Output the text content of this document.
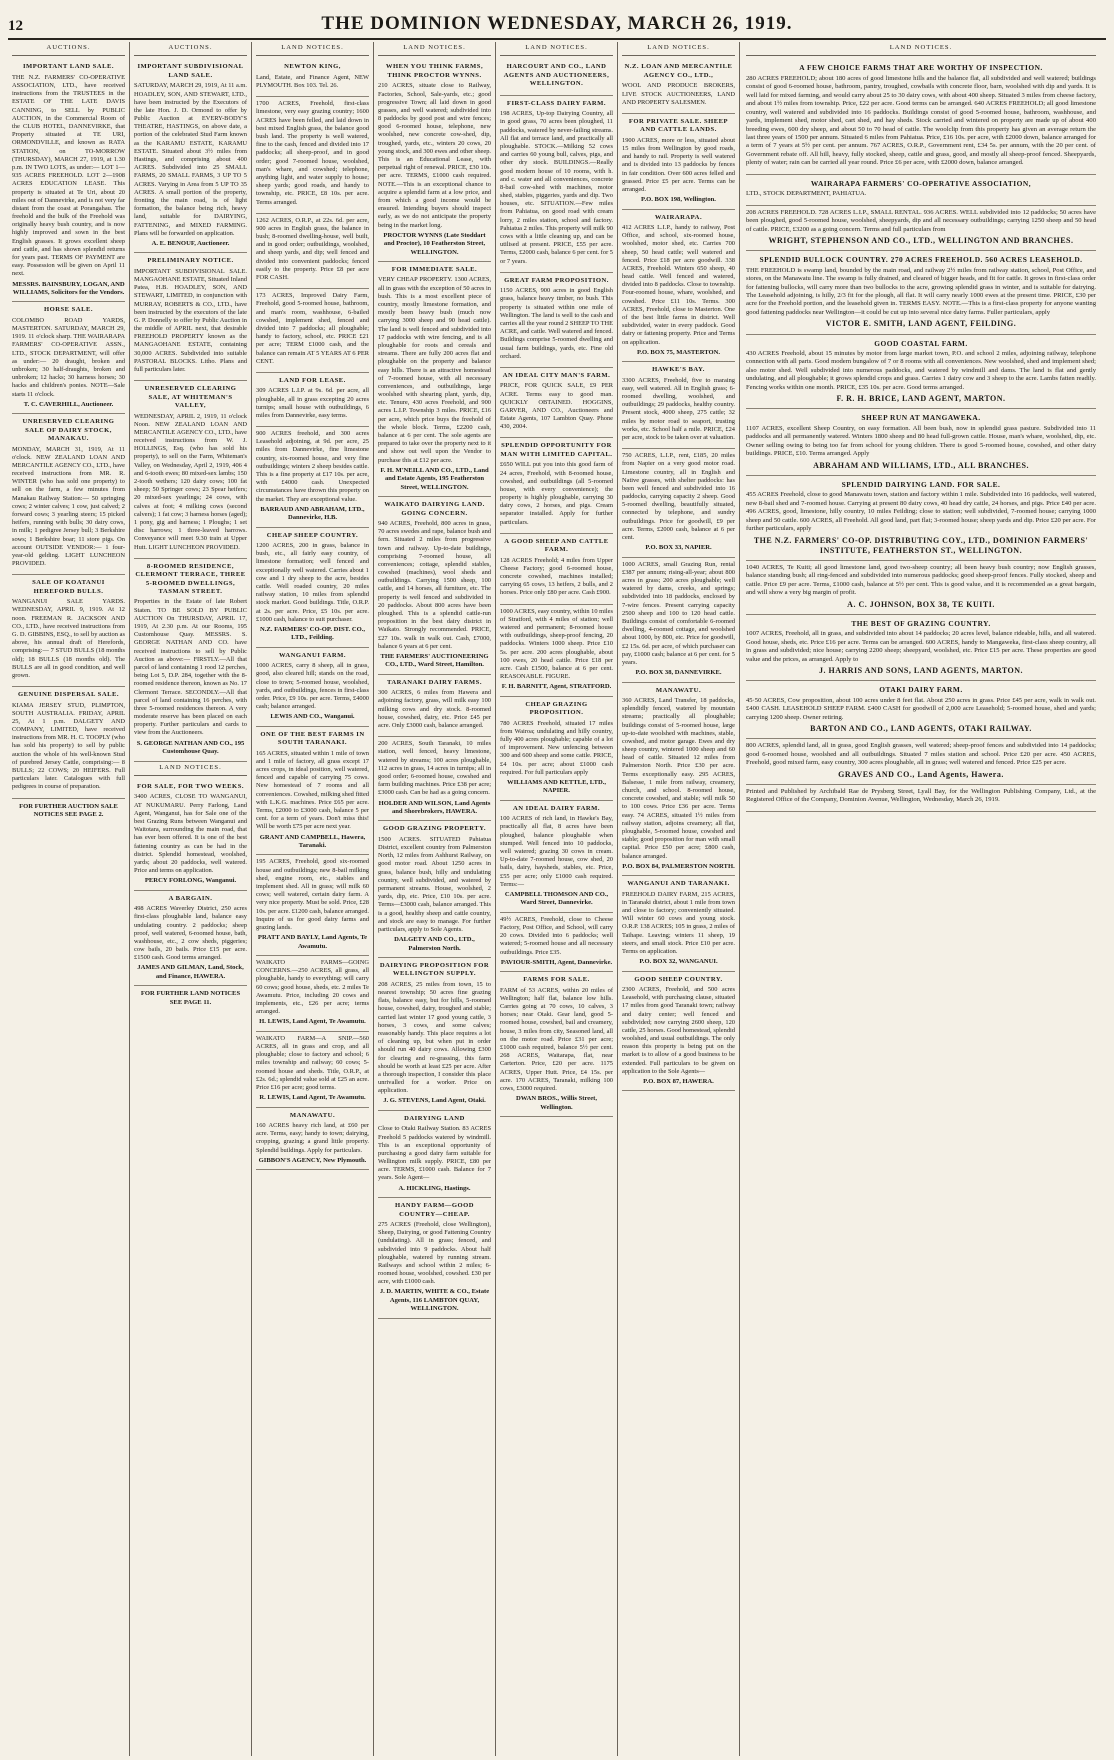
12	THE DOMINION WEDNESDAY, MARCH 26, 1919.
AUCTIONS.
IMPORTANT LAND SALE.

THE N.Z. FARMERS' CO-OPERATIVE ASSOCIATION, LTD., have received instructions from the TRUSTEES in the ESTATE OF THE LATE DAVIS CANNING, to SELL by PUBLIC AUCTION, in the Commercial Room of the CLUB HOTEL, DANNEVIRKE, that Property situated at TE URI, ORMONDVILLE, and known as RATA STATION, on TO-MORROW (THURSDAY), MARCH 27, 1919, at 1.30 p.m. IN TWO LOTS, as under:— LOT 1—935 ACRES FREEHOLD. LOT 2—1908 ACRES EDUCATION LEASE. This property is situated at Te Uri, about 20 miles out of Dannevirke, and is not very far distant from the coast at Porangahau. The freehold and the bulk of the Freehold was originally heavy bush country, and is now highly improved and sown in the best English grasses. It grows excellent sheep and cattle, and has shown splendid returns for years past. TERMS OF PAYMENT are easy. Possession will be given on April 11 next.

MESSRS. BAINSBURY, LOGAN, AND WILLIAMS, Solicitors for the Vendors.
HORSE SALE.

COLOMBO ROAD YARDS, MASTERTON. SATURDAY, MARCH 29, 1919. 11 o'clock sharp. THE WAIRARAPA FARMERS' CO-OPERATIVE ASSN., LTD., STOCK DEPARTMENT, will offer as under:— 20 draught, broken and unbroken; 30 half-draughts, broken and unbroken; 12 hacks; 30 harness horses; 30 hacks and children's ponies. NOTE—Sale starts 11 o'clock.

T. C. CAVERHILL, Auctioneer.
UNRESERVED CLEARING SALE OF DAIRY STOCK, MANAKAU.

MONDAY, MARCH 31, 1919, At 11 o'clock. NEW ZEALAND LOAN AND MERCANTILE AGENCY CO., LTD., have received instructions from MR. R. WINTER (who has sold one property) to sell on the farm, a few minutes from Manakau Railway Station:— 50 springing cows; 2 winter calves; 1 cow, just calved; 2 forward cows; 3 yearling steers; 15 picked heifers, running with bulls; 30 dairy cows, in milk; 1 pedigree Jersey bull; 3 Berkshire sows; 1 Berkshire boar; 11 store pigs. On account OUTSIDE VENDOR:— 1 four-year-old gelding. LIGHT LUNCHEON PROVIDED.

SALE OF KOATANUI HEREFORD BULLS.

WANGANUI SALE YARDS. WEDNESDAY, APRIL 9, 1919. At 12 noon. FREEMAN R. JACKSON AND CO., LTD., have received instructions from G. D. GIBBINS, ESQ., to sell by auction as above, his annual draft of Herefords, comprising:— 7 STUD BULLS (18 months old); 18 BULLS (18 months old). The BULLS are all in good condition, and well grown.

GENUINE DISPERSAL SALE.

KIAMA JERSEY STUD, PLIMPTON, SOUTH AUSTRALIA. FRIDAY, APRIL 25, At 1 p.m. DALGETY AND COMPANY, LIMITED, have received instructions from MR. H. C. TOOPLY (who has sold his property) to sell by public auction the whole of his well-known Stud of purebred Jersey Cattle, comprising:— 8 BULLS; 22 COWS; 20 HEIFERS. Full particulars later. Catalogues with full pedigrees in course of preparation.

FOR FURTHER AUCTION SALE NOTICES SEE PAGE 2.
AUCTIONS.
IMPORTANT SUBDIVISIONAL LAND SALE.

SATURDAY, MARCH 29, 1919, At 11 a.m. HOADLEY, SON, AND STEWART, LTD., have been instructed by the Executors of the late Hon. J. D. Ormond to offer by Public Auction at EVERY-BODY'S THEATRE, HASTINGS, on above date, a portion of the celebrated Stud Farm known as the KARAMU ESTATE, KARAMU ESTATE. Situated about 3½ miles from Hastings, and comprising about 400 ACRES. Subdivided into 25 SMALL FARMS, 20 SMALL FARMS, 3 UP TO 5 ACRES. Varying in Area from 5 UP TO 35 ACRES. A small portion of the property, fronting the main road, is of light formation, the balance being rich, heavy land, suitable for DAIRYING, FATTENING, and MIXED FARMING. Plans will be forwarded on application.

A. E. BENOUF, Auctioneer.
PRELIMINARY NOTICE.

IMPORTANT SUBDIVISIONAL SALE. MANGAOHANE ESTATE, Situated Inland Patea, H.B. HOADLEY, SON, AND STEWART, LIMITED, in conjunction with MURRAY, ROBERTS & CO., LTD., have been instructed by the executors of the late G. P. Donnelly to offer by Public Auction in the middle of APRIL next, that desirable FREEHOLD PROPERTY known as the MANGAOHANE ESTATE, containing 30,000 ACRES. Subdivided into suitable PASTORAL BLOCKS. Litho. Plans and full particulars later.

UNRESERVED CLEARING SALE, AT WHITEMAN'S VALLEY,

WEDNESDAY, APRIL 2, 1919, 11 o'clock Noon. NEW ZEALAND LOAN AND MERCANTILE AGENCY CO., LTD., have received instructions from W. J. HOLLINGS, Esq. (who has sold his property), to sell on the Farm, Whiteman's Valley, on Wednesday, April 2, 1919, 406 4 and 6-tooth ewes; 80 mixed-sex lambs; 150 2-tooth wethers; 120 dairy cows; 100 fat sheep; 50 Springer cows; 23 Spear heifers; 20 mixed-sex yearlings; 24 cows, with calves at foot; 4 milking cows (second calvers); 1 fat cow; 3 harness horses (aged); 1 pony, gig and harness; 1 Ploughs; 1 set disc harrows; 1 three-leaved harrows. Conveyance will meet 9.30 train at Upper Hutt. LIGHT LUNCHEON PROVIDED.

8-ROOMED RESIDENCE, CLERMONT TERRACE, THREE 5-ROOMED DWELLINGS, TASMAN STREET.

Properties in the Estate of late Robert Staten. TO BE SOLD BY PUBLIC AUCTION On THURSDAY, APRIL 17, 1919, At 2.30 p.m. At our Rooms, 195 Customhouse Quay. MESSRS. S. GEORGE NATHAN AND CO. have received instructions to sell by Public Auction as above:— FIRSTLY.—All that parcel of land containing 1 rood 12 perches, being Lot 5, D.P. 284, together with the 8-roomed residence thereon, known as No. 17 Clermont Terrace. SECONDLY.—All that parcel of land containing 16 perches, with three 5-roomed residences thereon. A very moderate reserve has been placed on each property. Further particulars and cards to view from the Auctioneers.

S. GEORGE NATHAN AND CO., 195 Customhouse Quay.
LAND NOTICES.
FOR SALE, FOR TWO WEEKS.

3400 ACRES, CLOSE TO WANGANUI, AT NUKUMARU. Perry Farlong, Land Agent, Wanganui, has for Sale one of the best Grazing Runs between Wanganui and Waitotara, surrounding the main road, that has ever been offered. It is one of the best fattening country as can be had in the district. Splendid homestead, woolshed, yards; about 20 paddocks, well watered. Price and terms on application.

PERCY FORLONG, Wanganui.
A BARGAIN.

498 ACRES Waverley District, 250 acres first-class ploughable land, balance easy undulating country. 2 paddocks; sheep proof, well watered, 6-roomed house, bath, washhouse, etc., 2 cow sheds, piggeries; cow bails, 20 bails. Price £15 per acre. £1500 cash. Good terms arranged.

JAMES AND GILMAN, Land, Stock, and Finance, HAWERA.
FOR FURTHER LAND NOTICES SEE PAGE 11.
LAND NOTICES.
NEWTON KING,

Land, Estate, and Finance Agent, NEW PLYMOUTH. Box 103. Tel. 26.

1700 ACRES, Freehold, first-class limestone, very easy grazing country; 1600 ACRES have been felled, and laid down in best mixed English grass, the balance good bush land. The property is well watered, fine to the cash, fenced and divided into 17 paddocks; all sheep-proof, and in good order; good 7-roomed house, woolshed, man's whare, and cowshed; telephone, anything light, and water supply to house; sheep yards; good roads, and handy to township, etc. PRICE, £8 10s. per acre. Terms arranged.

1262 ACRES, O.R.P., at 22s. 6d. per acre, 900 acres in English grass, the balance in bush; 8-roomed dwelling-house, well built, and in good order; outbuildings, woolshed, and sheep yards, and dip; well fenced and divided into convenient paddocks; fenced easily to the property. Price £8 per acre FOR CASH.

173 ACRES, Improved Dairy Farm, Freehold, good 5-roomed house, bathroom, and man's room, washhouse, 6-bailed cowshed, implement shed, fenced and divided into 7 paddocks; all ploughable; handy to factory, school, etc. PRICE £21 per acre; TERM £1000 cash, and the balance can remain AT 5 YEARS AT 6 PER CENT.

LAND FOR LEASE.

309 ACRES L.I.P. at 9s. 6d. per acre, all ploughable, all in grass excepting 20 acres turnips; small house with outbuildings, 6 miles from Dannevirke, easy terms.

900 ACRES freehold, and 300 acres Leasehold adjoining, at 9d. per acre, 25 miles from Dannevirke, fine limestone country, six-roomed house, and very fine outbuildings; winters 2 sheep besides cattle. This is a fine property at £17 10s. per acre, with £4000 cash. Unexpected circumstances have thrown this property on the market. They are exceptional value.

BARRAUD AND ABRAHAM, LTD., Dannevirke, H.B.
CHEAP SHEEP COUNTRY.

1200 ACRES, 200 in grass, balance in bush, etc., all fairly easy country, of limestone formation; well fenced and exceptionally well watered. Carries about 1 cow and 1 dry sheep to the acre, besides cattle. Well roaded country, 20 miles railway station, 10 miles from splendid stock market. Good buildings. Title, O.R.P. at 2s. per acre. Price, £5 10s. per acre. £1000 cash, balance to suit purchaser.

N.Z. FARMERS' CO-OP. DIST. CO., LTD., Feilding.
WANGANUI FARM.

1000 ACRES, carry 8 sheep, all in grass, good, also cleared hill; stands on the road, close to town; 5-roomed house, woolshed, yards, and outbuildings, fences in first-class order. Price, £9 10s. per acre. Terms, £4000 cash; balance arranged.

LEWIS AND CO., Wanganui.
ONE OF THE BEST FARMS IN SOUTH TARANAKI.

165 ACRES, situated within 1 mile of town and 1 mile of factory, all grass except 17 acres crops, in ideal position, well watered, fenced and capable of carrying 75 cows. New homestead of 7 rooms and all conveniences. Cowshed, milking shed fitted with L.K.G. machines. Price £65 per acre. Terms, £2000 to £3000 cash, balance 5 per cent. for a term of years. Don't miss this! Will be worth £75 per acre next year.

GRANT AND CAMPBELL, Hawera, Taranaki.

195 ACRES, Freehold, good six-roomed house and outbuildings; new 8-bail milking shed, engine room, etc., stables and implement shed. All in grass; will milk 60 cows; well watered, certain dairy farm. A very nice property. Must be sold. Price, £28 10s. per acre. £1200 cash, balance arranged. Inquire of us for good dairy farms and grazing lands.

PRATT AND BAYLY, Land Agents, Te Awamutu.

WAIKATO FARMS—GOING CONCERNS.—250 ACRES, all grass, all ploughable, handy to everything; will carry 60 cows; good house, sheds, etc. 2 miles Te Awamutu. Price, including 20 cows and implements, etc., £26 per acre; terms arranged.

H. LEWIS, Land Agent, Te Awamutu.

WAIKATO FARM—A SNIP.—560 ACRES, all in grass and crop, and all ploughable; close to factory and school; 6 miles township and railway; 60 cows; 5-roomed house and sheds. Title, O.R.P., at £2s. 6d.; splendid value sold at £25 an acre. Price £16 per acre; good terms.

R. LEWIS, Land Agent, Te Awamutu.
MANAWATU.

160 ACRES heavy rich land, at £60 per acre. Terms, easy; handy to town; dairying, cropping, grazing; a grand little property. Splendid buildings. Apply for particulars.

GIBBON'S AGENCY, New Plymouth.
LAND NOTICES.
WHEN YOU THINK FARMS, THINK PROCTOR WYNNS.

210 ACRES, situate close to Railway, Factories, School, Sale-yards, etc.; good progressive Town; all laid down in good grasses, and well watered; subdivided into 8 paddocks by good post and wire fences; good 6-roomed house, telephone, new woolshed, new concrete cow-shed, dip, troughed, yards, etc., winters 20 cows, 20 young stock, and 300 ewes and other sheep. This is an Educational Lease, with perpetual right of renewal. PRICE, £30 10s. per acre. TERMS, £1000 cash required. NOTE.—This is an exceptional chance to acquire a splendid farm at a low price, and from which a good income would be ensured. Intending buyers should inspect early, as we do not anticipate the property being in the market long.

PROCTOR WYNNS (Late Stoddart and Proctor), 10 Featherston Street, WELLINGTON.
FOR IMMEDIATE SALE.

VERY CHEAP PROPERTY. 1300 ACRES, all in grass with the exception of 50 acres in bush. This is a most excellent piece of country, mostly limestone formation, and mostly been heavy bush (much now carrying 3000 sheep and 90 head cattle). The land is well fenced and subdivided into 17 paddocks with wire fencing, and is all ploughable for roots and cereals and streams. There are fully 200 acres flat and ploughable on the property and balance easy hills. There is an attractive homestead of 7-roomed house, with all necessary conveniences, and outbuildings, large woolshed with shearing plant, yards, dip, etc. Tenure, 430 acres Freehold, and 900 acres L.I.P. Township 3 miles. PRICE, £16 per acre, which price buys the freehold of the whole block. Terms, £2200 cash, balance at 6 per cent. The sole agents are prepared to take over the property next to it and show out well upon the Vendor to purchase this at £12 per acre.

F. H. M'NEILL AND CO., LTD., Land and Estate Agents, 195 Featherston Street, WELLINGTON.
WAIKATO DAIRYING LAND. GOING CONCERN.

940 ACRES, Freehold, 800 acres in grass, 70 acres swedes and rape, balance bush and fern. Situated 2 miles from progressive town and railway. Up-to-date buildings, comprising 7-roomed house, all conveniences; cottage, splendid stables, cowshed (machines), wool sheds and outbuildings. Carrying 1500 sheep, 100 cattle, and 14 horses, all furniture, etc. The property is well fenced and subdivided in 20 paddocks. About 800 acres have been ploughed. This is a splendid cattle-run proposition in the best dairy district in Waikato. Strongly recommended. PRICE, £27 10s. walk in walk out. Cash, £7000, balance 6 years at 6 per cent.

THE FARMERS' AUCTIONEERING CO., LTD., Ward Street, Hamilton.
TARANAKI DAIRY FARMS.

300 ACRES, 6 miles from Hawera and adjoining factory, grass, will milk easy 100 milking cows and dry stock. 8-roomed house, cowshed, dairy, etc. Price £45 per acre. Only £3000 cash, balance arranged.

200 ACRES, South Taranaki, 10 miles station, well fenced, heavy limestone, watered by streams; 100 acres ploughable, 112 acres in grass, 14 acres in turnips; all in good order; 6-roomed house, cowshed and farm building machines. Price £38 per acre; £3000 cash. Can be had as a going concern.

HOLDER AND WILSON, Land Agents and Shorebrokers, HAWERA.
GOOD GRAZING PROPERTY.

1500 ACRES. SITUATED Pahiatua District, excellent country from Palmerston North, 12 miles from Ashhurst Railway, on good motor road. About 1250 acres in grass, balance bush, hilly and undulating country, well subdivided, and watered by permanent streams. House, woolshed, 2 yards, dip, etc. Price, £10 10s. per acre. Terms—£3000 cash, balance arranged. This is a good, healthy sheep and cattle country, and stock are easy to manage. For further particulars, apply to Sole Agents.

DALGETY AND CO., LTD., Palmerston North.
DAIRYING PROPOSITION FOR WELLINGTON SUPPLY.

208 ACRES, 25 miles from town, 15 to nearest township; 50 acres fine grazing flats, balance easy, but for hills, 5-roomed house, cowshed, dairy, troughed and stable; carried last winter 17 good young cattle, 3 horses, 3 cows, and some calves; reasonably handy. This place requires a lot of cleaning up, but when put in order should run 40 dairy cows. Allowing £300 for clearing and re-grassing, this farm should be worth at least £25 per acre. After a thorough inspection, I consider this place unrivalled for a worker. Price on application.

J. G. STEVENS, Land Agent, Otaki.
DAIRYING LAND

Close to Otaki Railway Station. 83 ACRES Freehold 5 paddocks watered by windmill. This is an exceptional opportunity of purchasing a good dairy farm suitable for Wellington milk supply. PRICE, £80 per acre. TERMS, £1000 cash. Balance for 7 years. Sole Agent—

A. HICKLING, Hastings.
HANDY FARM—GOOD COUNTRY—CHEAP.

275 ACRES (Freehold, close Wellington), Sheep, Dairying, or good Fattening Country (undulating). All in grass; fenced, and subdivided into 9 paddocks. About half ploughable, watered by running stream. Railways and school within 2 miles; 6-roomed house, woolshed, cowshed. £30 per acre, with £1000 cash.

J. D. MARTIN, WHITE & CO., Estate Agents, 116 LAMBTON QUAY, WELLINGTON.
LAND NOTICES.
HARCOURT AND CO., LAND AGENTS AND AUCTIONEERS, WELLINGTON.
FIRST-CLASS DAIRY FARM.

198 ACRES, Up-top Dairying Country, all in good grass, 70 acres been ploughed, 11 paddocks, watered by never-failing streams. All flat and terrace land, and practically all ploughable. STOCK.—Milking 52 cows and carries 60 young bull, calves, pigs, and other dry stock. BUILDINGS.—Really good modern house of 10 rooms, with h. and c. water and all conveniences, concrete 8-bail cow-shed with machines, motor shed, stables, piggeries, yards and dip. Two houses, etc. SITUATION.—Few miles from Pahiatua, on good road with cream lorry, 2 miles station, school and factory. Pahiatua 2 miles. This property will milk 90 cows with a little cleaning up, and can be utilised at present. PRICE, £55 per acre. Terms, £2000 cash, balance 6 per cent. for 5 or 7 years.

GREAT FARM PROPOSITION.

1150 ACRES, 900 acres in good English grass, balance heavy timber, no bush. This property is situated within one mile of Wellington. The land is well to the cash and carries all the year round 2 SHEEP TO THE ACRE, and cattle. Well watered and fenced. Buildings comprise 5-roomed dwelling and usual farm buildings, yards, etc. Fine old orchard.

AN IDEAL CITY MAN'S FARM.

PRICE, FOR QUICK SALE, £9 PER ACRE. Terms easy to good man. QUICKLY OBTAINED. HOGGINS, GARVER, AND CO., Auctioneers and Estate Agents, 107 Lambton Quay. Phone 430, 2004.

SPLENDID OPPORTUNITY FOR MAN WITH LIMITED CAPITAL.

£650 WILL put you into this good farm of 24 acres, Freehold, with 8-roomed house, cowshed, and outbuildings (all 5-roomed house, with every convenience); the property is highly ploughable, carrying 30 dairy cows, 2 horses, and pigs. Cream separator installed. Apply for further particulars.

A GOOD SHEEP AND CATTLE FARM.

128 ACRES Freehold; 4 miles from Upper Cheese Factory; good 6-roomed house, concrete cowshed, machines installed; carrying 65 cows, 13 heifers, 2 bulls, and 2 horses. Price only £80 per acre. Cash £900.

1000 ACRES, easy country, within 10 miles of Stratford, with 4 miles of station; well watered and permanent; 8-roomed house with outbuildings, sheep-proof fencing, 20 paddocks. Winters 1000 sheep. Price £10 5s. per acre. 200 acres ploughable, about 100 ewes, 20 head cattle. Price £18 per acre. Cash £1500, balance at 6 per cent. REASONABLE. FIGURE.

F. H. BARNITT, Agent, STRATFORD.
CHEAP GRAZING PROPOSITION.

780 ACRES Freehold, situated 17 miles from Wairoa; undulating and hilly country, fully 400 acres ploughable; capable of a lot of improvement. New unfencing between 300 and 600 sheep and some cattle. PRICE, £4 10s. per acre; about £1000 cash required. For full particulars apply

WILLIAMS AND KETTLE, LTD., NAPIER.
AN IDEAL DAIRY FARM.

100 ACRES of rich land, in Hawke's Bay, practically all flat, 8 acres have been ploughed, balance ploughable when stumped. Well fenced into 10 paddocks, well watered; grazing 30 cows in cream. Up-to-date 7-roomed house, cow shed, 20 bails, dairy, haysheds, stables, etc. Price, £55 per acre; only £1000 cash required. Terms:—

CAMPBELL THOMSON AND CO., Ward Street, Dannevirke.

49½ ACRES, Freehold, close to Cheese Factory, Post Office, and School, will carry 20 cows. Divided into 6 paddocks; well watered; 5-roomed house and all necessary outbuildings. Price £35.

PAVIOUR-SMITH, Agent, Dannevirke.
FARMS FOR SALE.

FARM of 53 ACRES, within 20 miles of Wellington; half flat, balance low hills. Carries going at 70 cows, 10 calves, 3 horses; near Otaki. Gear land, good 5-roomed house, cowshed, bail and creamery, house, 3 miles from city, Seasoned land, all on the motor road. Price £31 per acre; £1000 cash required, balance 5½ per cent. 268 ACRES, Waitarapa, flat, near Carterton. Price, £20 per acre. 1175 ACRES, Upper Hutt. Price, £4 15s. per acre. 170 ACRES, Taranaki, milking 100 cows, £3000 required.

DWAN BROS., Willis Street, Wellington.
LAND NOTICES.
N.Z. LOAN AND MERCANTILE AGENCY CO., LTD.,

WOOL AND PRODUCE BROKERS, LIVE STOCK AUCTIONEERS, LAND AND PROPERTY SALESMEN.

FOR PRIVATE SALE. SHEEP AND CATTLE LANDS.

1900 ACRES, more or less, situated about 15 miles from Wellington by good roads, and handy to rail. Property is well watered and is divided into 13 paddocks by fences in fair condition. Over 600 acres felled and grassed. Price £5 per acre. Terms can be arranged.

P.O. BOX 198, Wellington.
WAIRARAPA.

412 ACRES L.I.P., handy to railway, Post Office, and school, six-roomed house, woolshed, motor shed, etc. Carries 700 sheep, 50 head cattle; well watered and fenced. Price £18 per acre goodwill. 338 ACRES, Freehold. Winters 650 sheep, 40 head cattle. Well fenced and watered, divided into 8 paddocks. Close to township. Four-roomed house, whare, woolshed, and cowshed. Price £11 10s. Terms. 300 ACRES, Freehold, close to Masterton. One of the best little farms in district. Well subdivided, water in every paddock. Good dairy or fattening property. Price and Terms on application.

P.O. BOX 75, MASTERTON.
HAWKE'S BAY.

3300 ACRES, Freehold, five to maraing easy, well watered. All in English grass; 6-roomed dwelling, woolshed, and outbuildings; 29 paddocks, healthy country. Present stock, 4000 sheep, 275 cattle; 32 miles by motor road to seaport, trusting works, etc. School half a mile. PRICE, £24 per acre, stock to be taken over at valuation.

750 ACRES, L.I.P., rent, £185, 20 miles from Napier on a very good motor road. Limestone country, all in English and Native grasses, with shelter paddocks: has been well fenced and subdivided into 16 paddocks, carrying capacity 2 sheep. Good 5-roomed dwelling, beautifully situated, connected by telephone, and sundry outbuildings. Price for goodwill, £9 per acre. Terms, £2000 cash, balance at 6 per cent.

P.O. BOX 33, NAPIER.

1000 ACRES, small Grazing Run, rental £387 per annum; rising-all-year; about 800 acres in grass; 200 acres ploughable; well watered by dams, creeks, and springs; subdivided into 18 paddocks, enclosed by 7-wire fences. Present carrying capacity 2500 sheep and 100 to 120 head cattle. Buildings consist of comfortable 6-roomed dwelling, 4-roomed cottage, and woolshed about 1000, by 800, etc. Price for goodwill, £2 15s. 6d. per acre, of which purchaser can pay, £1000 cash; balance at 6 per cent. for 5 years.

P.O. BOX 38, DANNEVIRKE.
MANAWATU.

360 ACRES, Land Transfer, 18 paddocks, splendidly fenced, watered by mountain streams; practically all ploughable; buildings consist of 5-roomed house, large up-to-date woolshed with machines, stable, cowshed, and motor garage. Ewes and dry sheep country, wintered 1000 sheep and 60 head of cattle. Situated 12 miles from Palmerston North. Price £30 per acre. Terms exceptionally easy. 295 ACRES, Balsesse, 1 mile from railway, creamery, church, and school. 8-roomed house, concrete cowshed, and stable; will milk 50 to 100 cows. Price £36 per acre. Terms easy. 74 ACRES, situated 1½ miles from railway station, adjoins creamery; all flat, ploughable, 5-roomed house, cowshed and stable; good proposition for man with small capital. Price £50 per acre; £800 cash, balance arranged.

P.O. BOX 84, PALMERSTON NORTH.
WANGANUI AND TARANAKI.

FREEHOLD DAIRY FARM, 215 ACRES, in Taranaki district, about 1 mile from town and close to factory; conveniently situated. Will winter 60 cows and young stock. O.R.P. 138 ACRES; 105 in grass, 2 miles of Taihape. Leaving; winters 11 sheep, 19 steers, and small stock. Price £10 per acre. Terms on application.

P.O. BOX 32, WANGANUI.
GOOD SHEEP COUNTRY.

2300 ACRES, Freehold, and 500 acres Leasehold, with purchasing clause, situated 17 miles from good Taranaki town; railway and dairy center; well fenced and subdivided; now carrying 2600 sheep, 120 cattle, 25 horses. Good homestead, splendid woolshed, and usual outbuildings. The only reason this property is being put on the market is to allow of a good business to be extended. Full particulars to be given on application to the Sole Agents—

P.O. BOX 87, HAWERA.
LAND NOTICES.
A FEW CHOICE FARMS THAT ARE WORTHY OF INSPECTION.

280 ACRES FREEHOLD; about 180 acres of good limestone hills and the balance flat, all subdivided and well watered; buildings consist of good 6-roomed house, bathroom, pantry, troughed, cowbails with concrete floor, barn, woolshed with dip and yards. It is well laid for mixed farming, and would carry about 25 to 30 dairy cows, with about 400 sheep. Situated 3 miles from cheese factory, and about 1½ miles from township. Price, £22 per acre. Good terms can be arranged. 640 ACRES FREEHOLD; all good limestone country, well watered and subdivided into 16 paddocks. Buildings consist of good 5-roomed house, bathroom, washhouse, and yards, implement shed, motor shed, cart shed, and hay sheds. Stock carried and wintered on property are made up of about 400 breeding ewes, 600 dry sheep, and about 50 to 70 head of cattle. The woolclip from this property has given an average return the last three years of 1500 per annum. Situated 6 miles from Pahiatua. Price, £16 10s. per acre, with £2000 down, balance arranged for a term of 7 years at 5½ per cent. per annum. 767 ACRES, O.R.P., Government rent, £34 5s. per annum, with the 20 per cent. of Government rebate off. All hill, heavy, fully stocked, sheep, cattle and grass, good, and mostly all sheep-proof fenced. Sheepyards, plenty of water; rain can be carried all year round. Price £6 per acre, with £2000 down, balance arranged.

WAIRARAPA FARMERS' CO-OPERATIVE ASSOCIATION,

LTD., STOCK DEPARTMENT, PAHIATUA.

208 ACRES FREEHOLD. 728 ACRES L.I.P., SMALL RENTAL. 936 ACRES. WELL subdivided into 12 paddocks; 50 acres have been ploughed, good 5-roomed house, woolshed, sheepyards, dip and all necessary outbuildings; carrying 1250 sheep and 50 head of cattle. PRICE, £3200 as a going concern. Terms and full particulars from

WRIGHT, STEPHENSON AND CO., LTD., WELLINGTON AND BRANCHES.
SPLENDID BULLOCK COUNTRY. 270 ACRES FREEHOLD. 560 ACRES LEASEHOLD.

THE FREEHOLD is swamp land, bounded by the main road, and railway 2½ miles from railway station, school, Post Office, and stores, on the Manawatu line. The swamp is fully drained, and cleared of bigger heads, and fit for cattle. It grows in first-class order for fattening bullocks, will carry more than two bullocks to the acre, growing splendid grass in winter, and is suitable for dairying. The Leasehold adjoining, is hilly, 2/3 fit for the plough, all flat. It will carry nearly 1000 ewes at the present time. PRICE, £30 per acre for the Freehold portion, and the leasehold given in. TERMS EASY. NOTE.—This is a first-class property for anyone wanting good fattening paddocks near Wellington—it could be cut up into several nice dairy farms. Fuller particulars, apply

VICTOR E. SMITH, LAND AGENT, FEILDING.
GOOD COASTAL FARM.

430 ACRES Freehold, about 15 minutes by motor from large market town, P.O. and school 2 miles, adjoining railway, telephone connection with all parts. Good modern bungalow of 7 or 8 rooms with all conveniences. New woolshed, shed and implement shed; also motor shed. Well subdivided into numerous paddocks, and watered by windmill and dams. The land is flat and gently undulating, and all ploughable; it grows splendid crops and grass. Carries 1 dairy cow and 3 sheep to the acre. Lambs fatten readily. Fencing works within one month. PRICE, £35 10s. per acre. Good terms arranged.

F. R. H. BRICE, LAND AGENT, MARTON.
SHEEP RUN AT MANGAWEKA.

1107 ACRES, excellent Sheep Country, on easy formation. All been bush, now in splendid grass pasture. Subdivided into 11 paddocks and all permanently watered. Winters 1800 sheep and 80 head full-grown cattle. House, man's whare, woolshed, dip, etc. Owner selling owing to being too far from school for young children. There is good 5-roomed house, cowshed, and other dairy buildings. PRICE, £10. Terms arranged. Apply

ABRAHAM AND WILLIAMS, LTD., ALL BRANCHES.
SPLENDID DAIRYING LAND. FOR SALE.

455 ACRES Freehold, close to good Manawatu town, station and factory within 1 mile. Subdivided into 16 paddocks, well watered, new 8-bail shed and 7-roomed house. Carrying at present 80 dairy cows, 40 head dry cattle, 24 horses, and pigs. Price £40 per acre. 496 ACRES, good, limestone, hilly country, 10 miles Feilding; close to station; well subdivided, 7-roomed house; carrying 1000 sheep and 50 cattle. 600 ACRES, all Freehold. All good land, part flat; 3-roomed house; sheep yards and dip. Price £20 per acre. For further particulars, apply

THE N.Z. FARMERS' CO-OP. DISTRIBUTING COY., LTD., DOMINION FARMERS' INSTITUTE, FEATHERSTON ST., WELLINGTON.

1040 ACRES, Te Kuiti; all good limestone land, good two-sheep country; all been heavy bush country; now English grasses, balance standing bush; all ring-fenced and subdivided into numerous paddocks; good sheep-proof fences. Fully stocked, sheep and cattle. Price £9 per acre. Terms, £1000 cash, balance at 5½ per cent. This is good value, and it is recommended as a great bargain, and will show a very big margin of profit.

A. C. JOHNSON, BOX 38, TE KUITI.
THE BEST OF GRAZING COUNTRY.

1007 ACRES, Freehold, all in grass, and subdivided into about 14 paddocks; 20 acres level, balance rideable, hills, and all watered. Good house, sheds, etc. Price £16 per acre. Terms can be arranged. 600 ACRES, handy to Mangaweka, first-class sheep country, all in grass and subdivided; nice house; carrying 2200 sheep; sheepyard, woolshed, etc. Price £15 per acre. These properties are good value and the prices, as arranged. Apply to

J. HARRIS AND SONS, LAND AGENTS, MARTON.
OTAKI DAIRY FARM.

45·50 ACRES, Cow proposition, about 100 acres under 8 feet flat. About 250 acres in grass. Price £45 per acre, walk in walk out. £400 CASH. LEASEHOLD SHEEP FARM. £400 CASH for goodwill of 2,000 acre Leasehold; 5-roomed house, shed and yards; carrying 1200 sheep. Owner retiring.

BARTON AND CO., LAND AGENTS, OTAKI RAILWAY.

800 ACRES, splendid land, all in grass, good English grasses, well watered; sheep-proof fences and subdivided into 14 paddocks; good 6-roomed house, woolshed and all outbuildings. Situated 7 miles station and school. Price £20 per acre. 450 ACRES, Freehold, good mixed farm, easy country, 300 acres ploughable, all in grass; well watered and fenced. Price £25 per acre.

GRAVES AND CO., Land Agents, Hawera.

Printed and Published by Archibald Rae de Prysberg Street, Lyall Bay, for the Wellington Publishing Company, Ltd., at the Registered Office of the Company, Dominion Avenue, Wellington, Wednesday, March 26, 1919.
